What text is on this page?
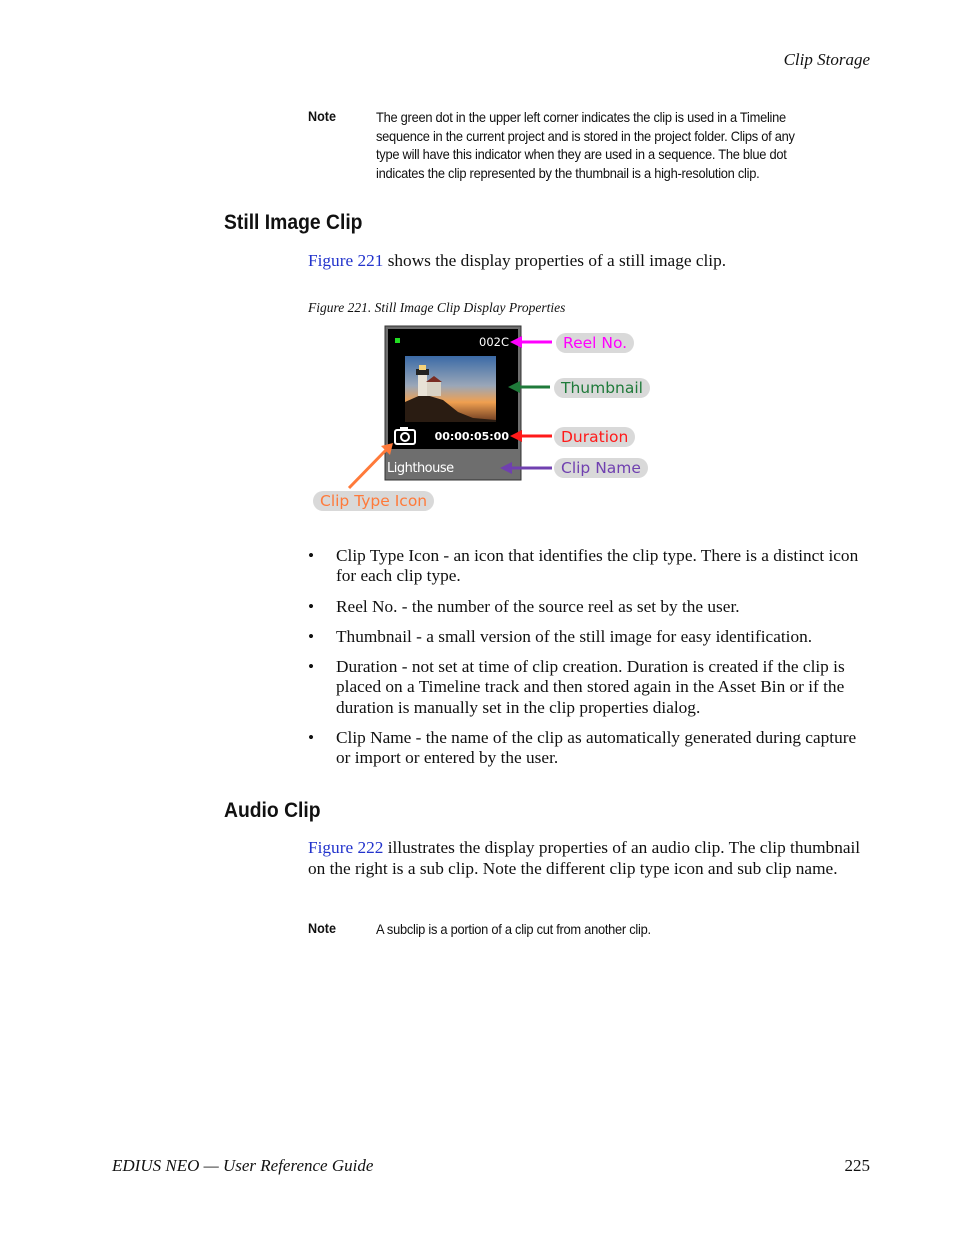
Clip Storage
Note	The green dot in the upper left corner indicates the clip is used in a Timeline
sequence in the current project and is stored in the project folder. Clips of any
type will have this indicator when they are used in a sequence. The blue dot
indicates the clip represented by the thumbnail is a high-resolution clip.
Still Image Clip
Figure 221 shows the display properties of a still image clip.
Figure 221. Still Image Clip Display Properties
002C
00:00:05:00
Lighthouse
Reel No.
Thumbnail
Duration
Clip Name
Clip Type Icon
• Clip Type Icon - an icon that identifies the clip type. There is a distinct icon for each clip type.
• Reel No. - the number of the source reel as set by the user.
• Thumbnail - a small version of the still image for easy identification.
• Duration - not set at time of clip creation. Duration is created if the clip is placed on a Timeline track and then stored again in the Asset Bin or if the duration is manually set in the clip properties dialog.
• Clip Name - the name of the clip as automatically generated during capture or import or entered by the user.
Audio Clip
Figure 222 illustrates the display properties of an audio clip. The clip thumbnail on the right is a sub clip. Note the different clip type icon and sub clip name.
Note	A subclip is a portion of a clip cut from another clip.
EDIUS NEO — User Reference Guide	225
